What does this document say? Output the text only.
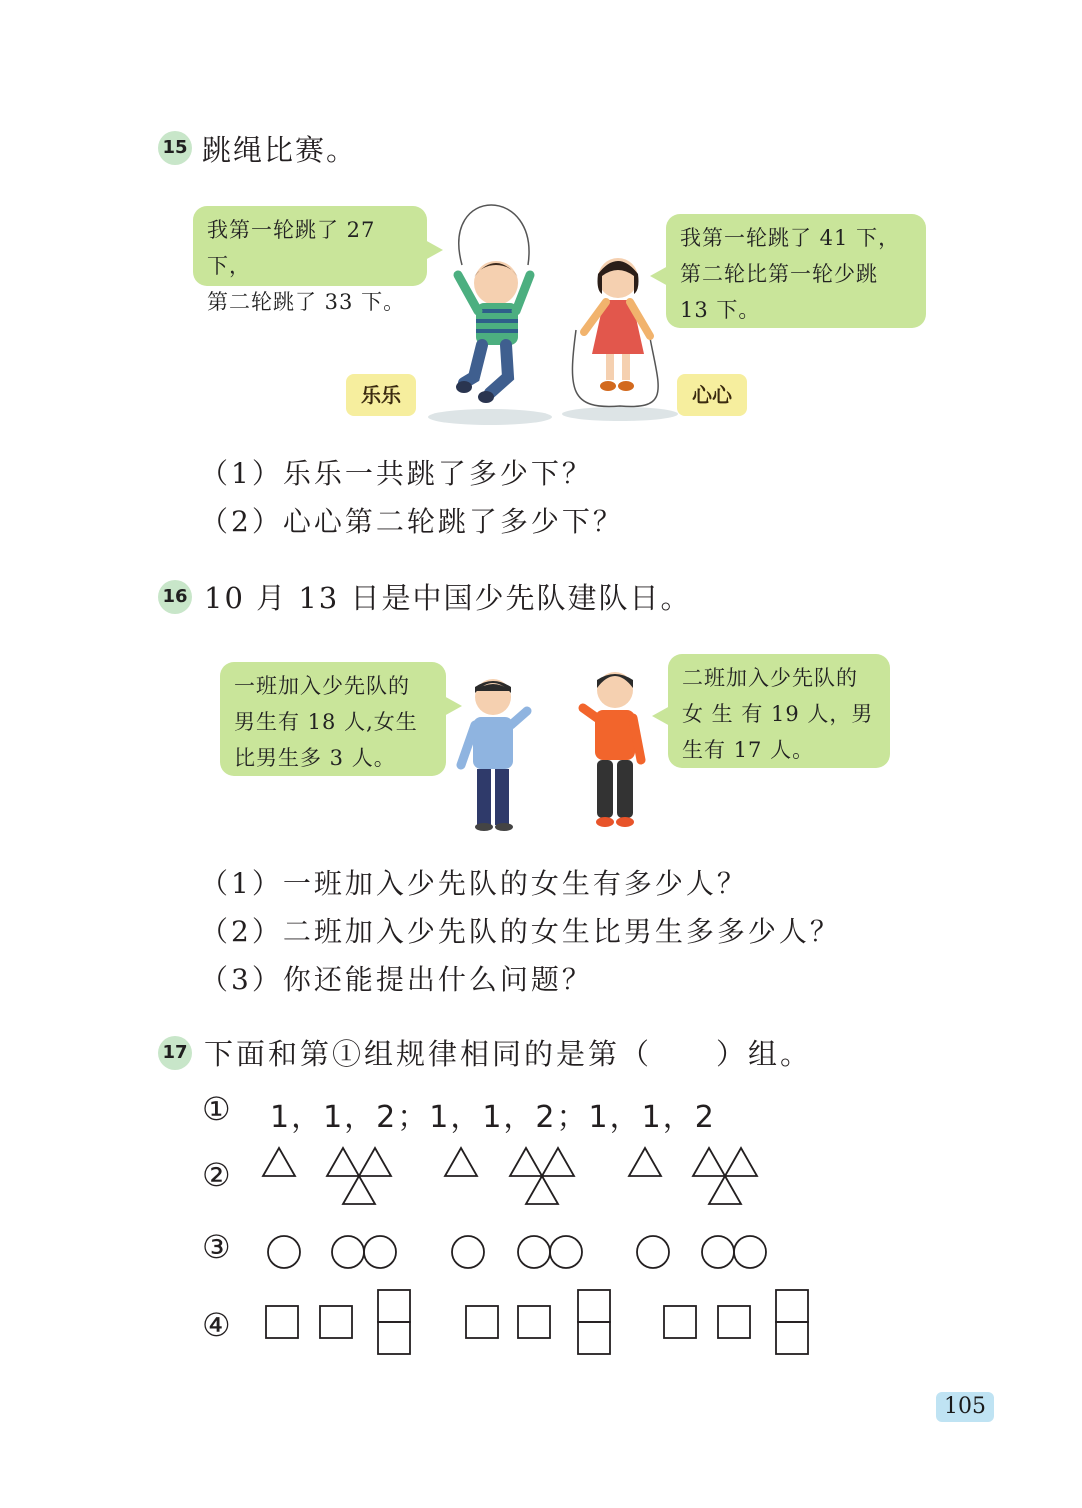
15 跳绳比赛。
我第一轮跳了 27 下，
第二轮跳了 33 下。
我第一轮跳了 41 下，
第二轮比第一轮少跳
13 下。
乐乐	心心
（1）乐乐一共跳了多少下？
（2）心心第二轮跳了多少下？
16 10 月 13 日是中国少先队建队日。
一班加入少先队的
男生有 18 人,女生
比男生多 3 人。
二班加入少先队的
女 生 有 19 人，男
生有 17 人。
（1）一班加入少先队的女生有多少人？
（2）二班加入少先队的女生比男生多多少人？
（3）你还能提出什么问题？
17 下面和第①组规律相同的是第（　　）组。
① 1，1，2；1，1，2；1，1，2
②
③
④
105
